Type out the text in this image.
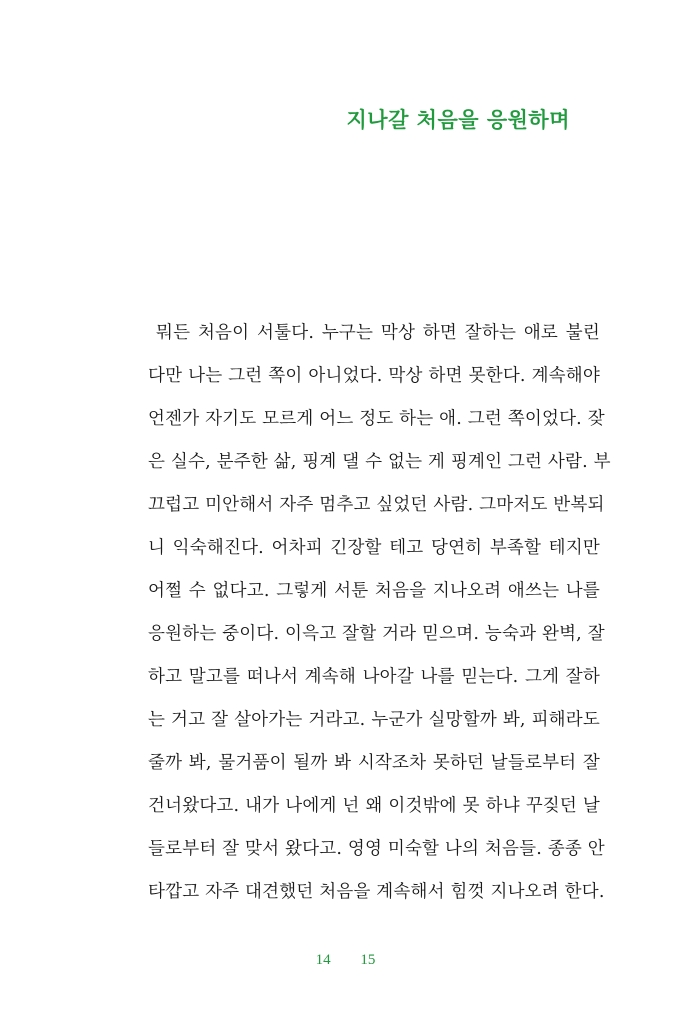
지나갈 처음을 응원하며
뭐든 처음이 서툴다. 누구는 막상 하면 잘하는 애로 불린
다만 나는 그런 쪽이 아니었다. 막상 하면 못한다. 계속해야
언젠가 자기도 모르게 어느 정도 하는 애. 그런 쪽이었다. 잦
은 실수, 분주한 삶, 핑계 댈 수 없는 게 핑계인 그런 사람. 부
끄럽고 미안해서 자주 멈추고 싶었던 사람. 그마저도 반복되
니 익숙해진다. 어차피 긴장할 테고 당연히 부족할 테지만
어쩔 수 없다고. 그렇게 서툰 처음을 지나오려 애쓰는 나를
응원하는 중이다. 이윽고 잘할 거라 믿으며. 능숙과 완벽, 잘
하고 말고를 떠나서 계속해 나아갈 나를 믿는다. 그게 잘하
는 거고 잘 살아가는 거라고. 누군가 실망할까 봐, 피해라도
줄까 봐, 물거품이 될까 봐 시작조차 못하던 날들로부터 잘
건너왔다고. 내가 나에게 넌 왜 이것밖에 못 하냐 꾸짖던 날
들로부터 잘 맞서 왔다고. 영영 미숙할 나의 처음들. 종종 안
타깝고 자주 대견했던 처음을 계속해서 힘껏 지나오려 한다.
14 15
